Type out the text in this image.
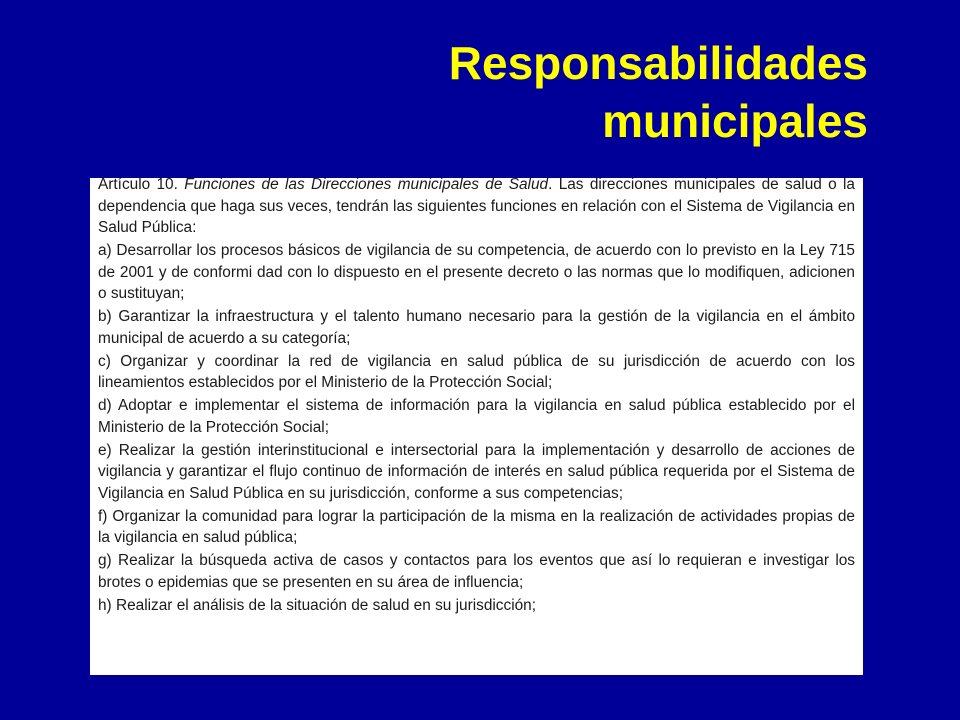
Responsabilidades
municipales

Artículo 10. Funciones de las Direcciones municipales de Salud. Las direcciones municipales de salud o la dependencia que haga sus veces, tendrán las siguientes funciones en relación con el Sistema de Vigilancia en Salud Pública:

a) Desarrollar los procesos básicos de vigilancia de su competencia, de acuerdo con lo previsto en la Ley 715 de 2001 y de conformi dad con lo dispuesto en el presente decreto o las normas que lo modifiquen, adicionen o sustituyan;

b) Garantizar la infraestructura y el talento humano necesario para la gestión de la vigilancia en el ámbito municipal de acuerdo a su categoría;

c) Organizar y coordinar la red de vigilancia en salud pública de su jurisdicción de acuerdo con los lineamientos establecidos por el Ministerio de la Protección Social;

d) Adoptar e implementar el sistema de información para la vigilancia en salud pública establecido por el Ministerio de la Protección Social;

e) Realizar la gestión interinstitucional e intersectorial para la implementación y desarrollo de acciones de vigilancia y garantizar el flujo continuo de información de interés en salud pública requerida por el Sistema de Vigilancia en Salud Pública en su jurisdicción, conforme a sus competencias;

f) Organizar la comunidad para lograr la participación de la misma en la realización de actividades propias de la vigilancia en salud pública;

g) Realizar la búsqueda activa de casos y contactos para los eventos que así lo requieran e investigar los brotes o epidemias que se presenten en su área de influencia;

h) Realizar el análisis de la situación de salud en su jurisdicción;
